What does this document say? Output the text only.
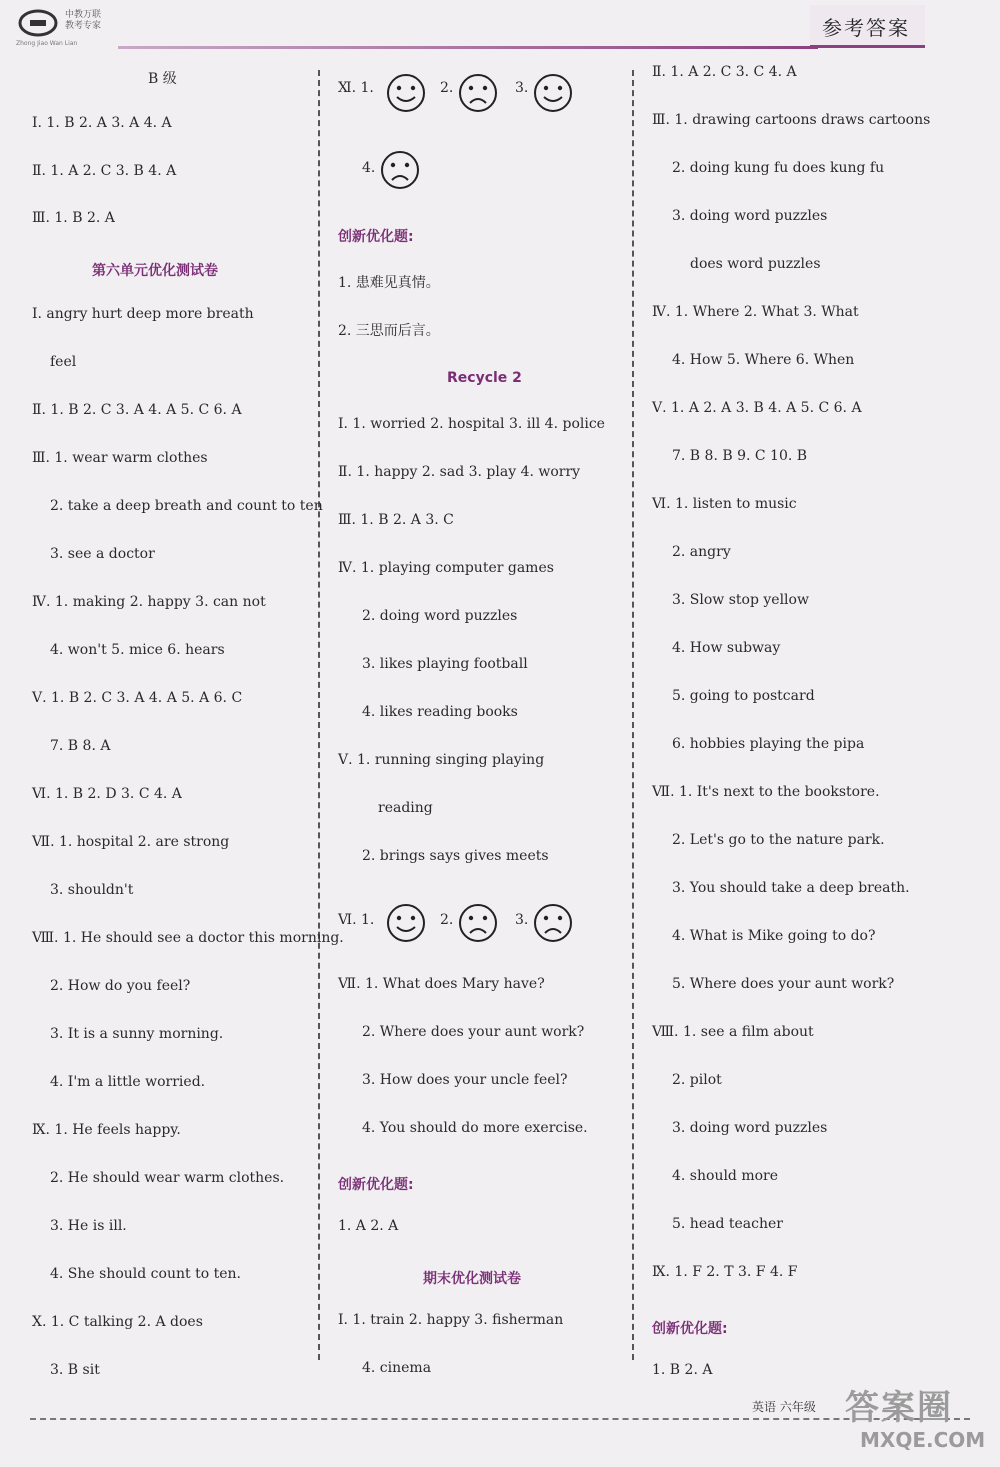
中教万联
教考专家
Zhong Jiao Wan Lian
参考答案
B 级
Ⅰ. 1. B 2. A 3. A 4. A
Ⅱ. 1. A 2. C 3. B 4. A
Ⅲ. 1. B 2. A
第六单元优化测试卷
Ⅰ. angry hurt deep more breath
feel
Ⅱ. 1. B 2. C 3. A 4. A 5. C 6. A
Ⅲ. 1. wear warm clothes
2. take a deep breath and count to ten
3. see a doctor
Ⅳ. 1. making 2. happy 3. can not
4. won't 5. mice 6. hears
Ⅴ. 1. B 2. C 3. A 4. A 5. A 6. C
7. B 8. A
Ⅵ. 1. B 2. D 3. C 4. A
Ⅶ. 1. hospital 2. are strong
3. shouldn't
Ⅷ. 1. He should see a doctor this morning.
2. How do you feel?
3. It is a sunny morning.
4. I'm a little worried.
Ⅸ. 1. He feels happy.
2. He should wear warm clothes.
3. He is ill.
4. She should count to ten.
Ⅹ. 1. C talking 2. A does
3. B sit
Ⅺ. 1.	2.	3.
4.
创新优化题:
1. 患难见真情。
2. 三思而后言。
Recycle 2
Ⅰ. 1. worried 2. hospital 3. ill 4. police
Ⅱ. 1. happy 2. sad 3. play 4. worry
Ⅲ. 1. B 2. A 3. C
Ⅳ. 1. playing computer games
2. doing word puzzles
3. likes playing football
4. likes reading books
Ⅴ. 1. running singing playing
reading
2. brings says gives meets
Ⅵ. 1.	2.	3.
Ⅶ. 1. What does Mary have?
2. Where does your aunt work?
3. How does your uncle feel?
4. You should do more exercise.
创新优化题:
1. A 2. A
期末优化测试卷
Ⅰ. 1. train 2. happy 3. fisherman
4. cinema
Ⅱ. 1. A 2. C 3. C 4. A
Ⅲ. 1. drawing cartoons draws cartoons
2. doing kung fu does kung fu
3. doing word puzzles
does word puzzles
Ⅳ. 1. Where 2. What 3. What
4. How 5. Where 6. When
Ⅴ. 1. A 2. A 3. B 4. A 5. C 6. A
7. B 8. B 9. C 10. B
Ⅵ. 1. listen to music
2. angry
3. Slow stop yellow
4. How subway
5. going to postcard
6. hobbies playing the pipa
Ⅶ. 1. It's next to the bookstore.
2. Let's go to the nature park.
3. You should take a deep breath.
4. What is Mike going to do?
5. Where does your aunt work?
Ⅷ. 1. see a film about
2. pilot
3. doing word puzzles
4. should more
5. head teacher
Ⅸ. 1. F 2. T 3. F 4. F
创新优化题:
1. B 2. A
英语 六年级 答案圈
MXQE.COM
